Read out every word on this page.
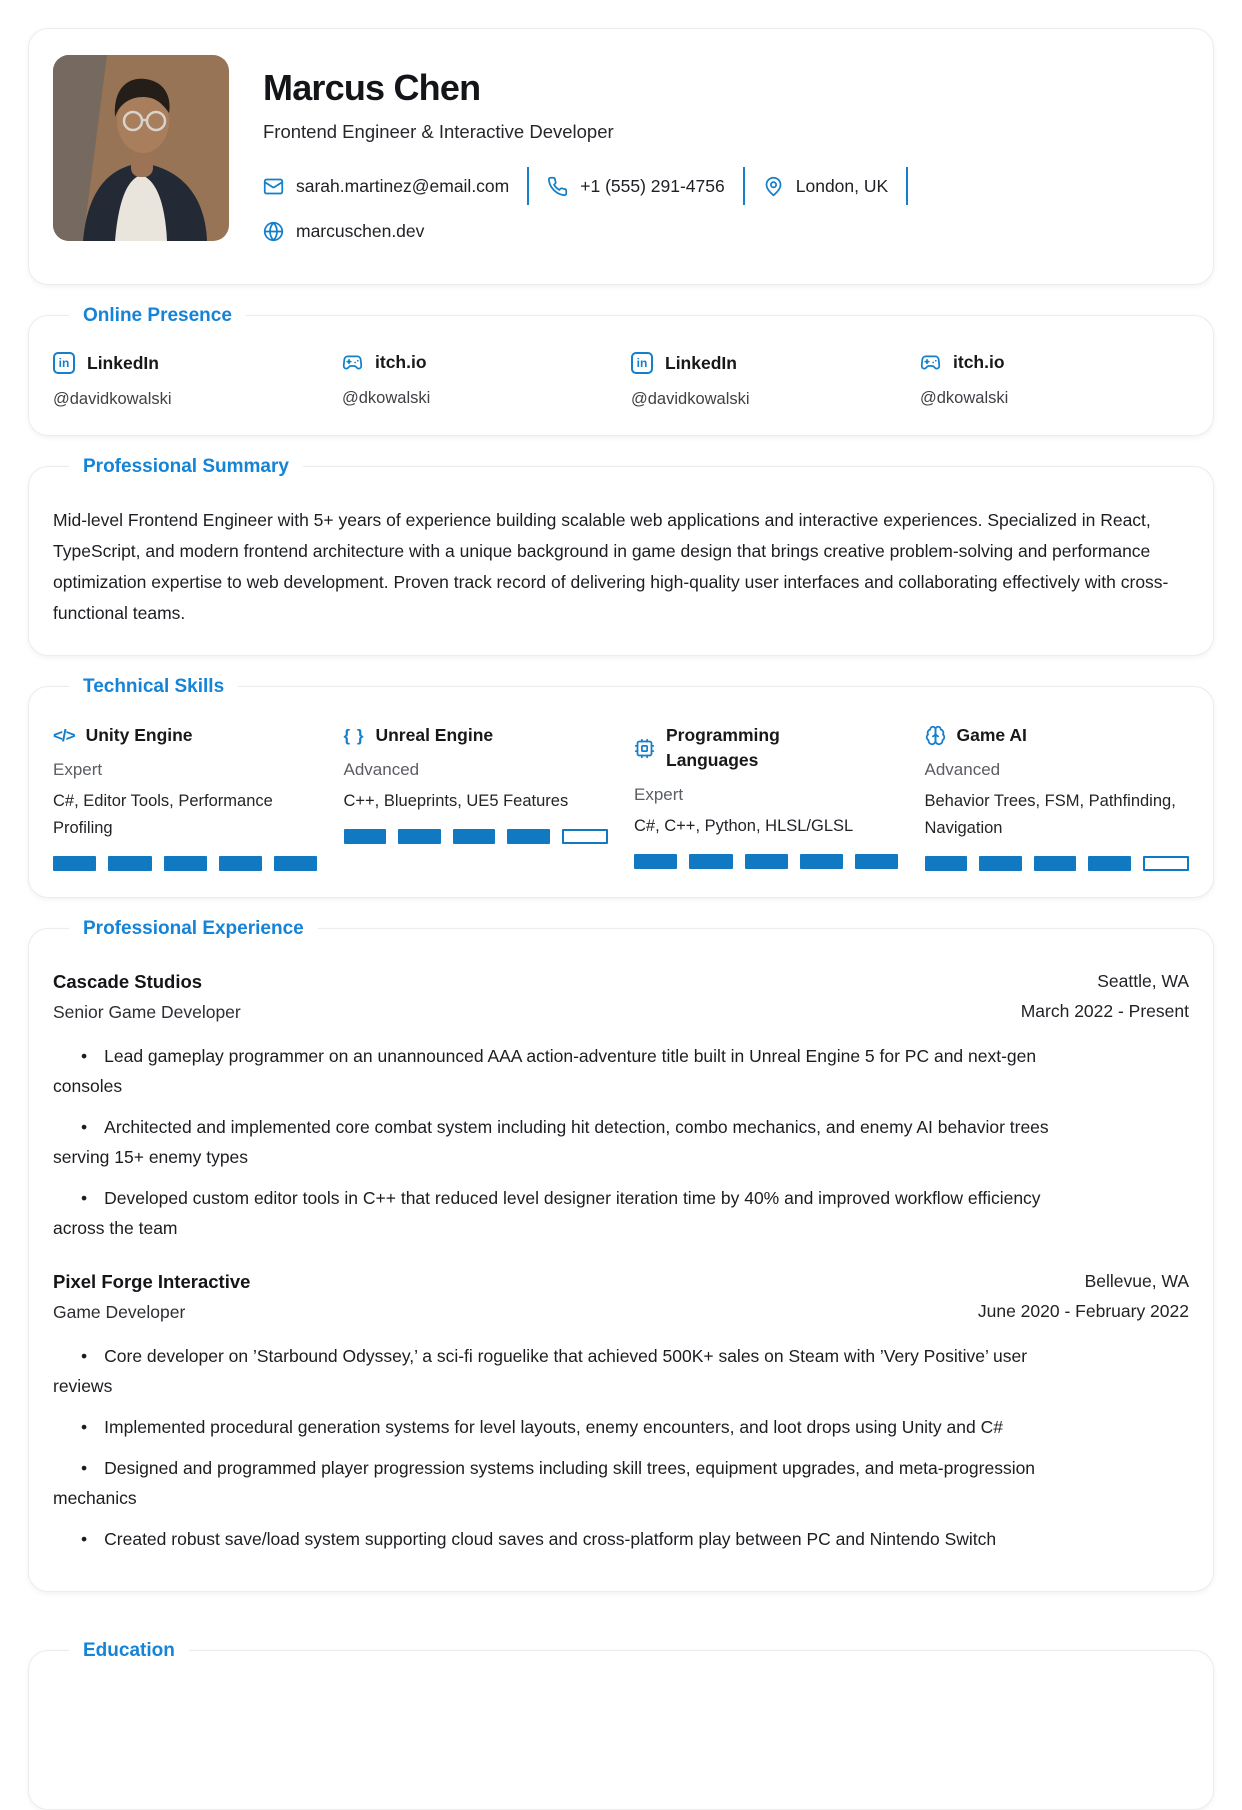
Marcus Chen

Frontend Engineer & Interactive Developer

sarah.martinez@email.com	+1 (555) 291-4756	London, UK
marcuschen.dev
Online Presence
in
LinkedIn
@davidkowalski
itch.io
@dkowalski
in
LinkedIn
@davidkowalski
itch.io
@dkowalski
Professional Summary

Mid-level Frontend Engineer with 5+ years of experience building scalable web applications and interactive experiences. Specialized in React, TypeScript, and modern frontend architecture with a unique background in game design that brings creative problem-solving and performance optimization expertise to web development. Proven track record of delivering high-quality user interfaces and collaborating effectively with cross-functional teams.

Technical Skills
</>
Unity Engine
Expert
C#, Editor Tools, Performance Profiling
{ }
Unreal Engine
Advanced
C++, Blueprints, UE5 Features
Programming Languages
Expert
C#, C++, Python, HLSL/GLSL
Game AI
Advanced
Behavior Trees, FSM, Pathfinding, Navigation
Professional Experience
Cascade Studios
Senior Game Developer
Seattle, WA
March 2022 - Present
• Lead gameplay programmer on an unannounced AAA action-adventure title built in Unreal Engine 5 for PC and next-gen consoles
• Architected and implemented core combat system including hit detection, combo mechanics, and enemy AI behavior trees serving 15+ enemy types
• Developed custom editor tools in C++ that reduced level designer iteration time by 40% and improved workflow efficiency across the team
Pixel Forge Interactive
Game Developer
Bellevue, WA
June 2020 - February 2022
• Core developer on ’Starbound Odyssey,’ a sci-fi roguelike that achieved 500K+ sales on Steam with ’Very Positive’ user reviews
• Implemented procedural generation systems for level layouts, enemy encounters, and loot drops using Unity and C#
• Designed and programmed player progression systems including skill trees, equipment upgrades, and meta-progression mechanics
• Created robust save/load system supporting cloud saves and cross-platform play between PC and Nintendo Switch
Education
